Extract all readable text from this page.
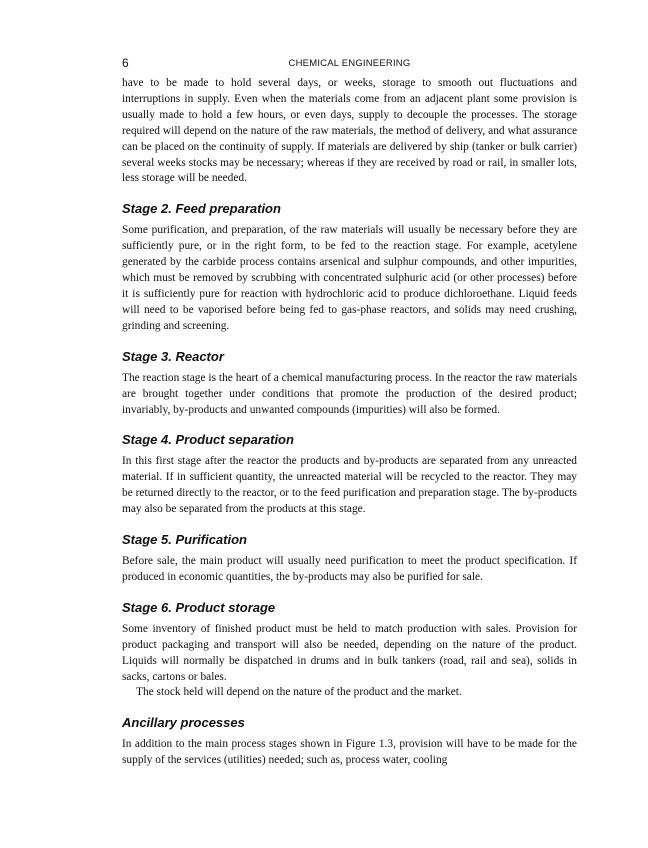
6	CHEMICAL ENGINEERING

have to be made to hold several days, or weeks, storage to smooth out fluctuations and interruptions in supply. Even when the materials come from an adjacent plant some provision is usually made to hold a few hours, or even days, supply to decouple the processes. The storage required will depend on the nature of the raw materials, the method of delivery, and what assurance can be placed on the continuity of supply. If materials are delivered by ship (tanker or bulk carrier) several weeks stocks may be necessary; whereas if they are received by road or rail, in smaller lots, less storage will be needed.

Stage 2. Feed preparation

Some purification, and preparation, of the raw materials will usually be necessary before they are sufficiently pure, or in the right form, to be fed to the reaction stage. For example, acetylene generated by the carbide process contains arsenical and sulphur compounds, and other impurities, which must be removed by scrubbing with concentrated sulphuric acid (or other processes) before it is sufficiently pure for reaction with hydrochloric acid to produce dichloroethane. Liquid feeds will need to be vaporised before being fed to gas-phase reactors, and solids may need crushing, grinding and screening.

Stage 3. Reactor

The reaction stage is the heart of a chemical manufacturing process. In the reactor the raw materials are brought together under conditions that promote the production of the desired product; invariably, by-products and unwanted compounds (impurities) will also be formed.

Stage 4. Product separation

In this first stage after the reactor the products and by-products are separated from any unreacted material. If in sufficient quantity, the unreacted material will be recycled to the reactor. They may be returned directly to the reactor, or to the feed purification and preparation stage. The by-products may also be separated from the products at this stage.

Stage 5. Purification

Before sale, the main product will usually need purification to meet the product specification. If produced in economic quantities, the by-products may also be purified for sale.

Stage 6. Product storage

Some inventory of finished product must be held to match production with sales. Provision for product packaging and transport will also be needed, depending on the nature of the product. Liquids will normally be dispatched in drums and in bulk tankers (road, rail and sea), solids in sacks, cartons or bales.

The stock held will depend on the nature of the product and the market.

Ancillary processes

In addition to the main process stages shown in Figure 1.3, provision will have to be made for the supply of the services (utilities) needed; such as, process water, cooling
